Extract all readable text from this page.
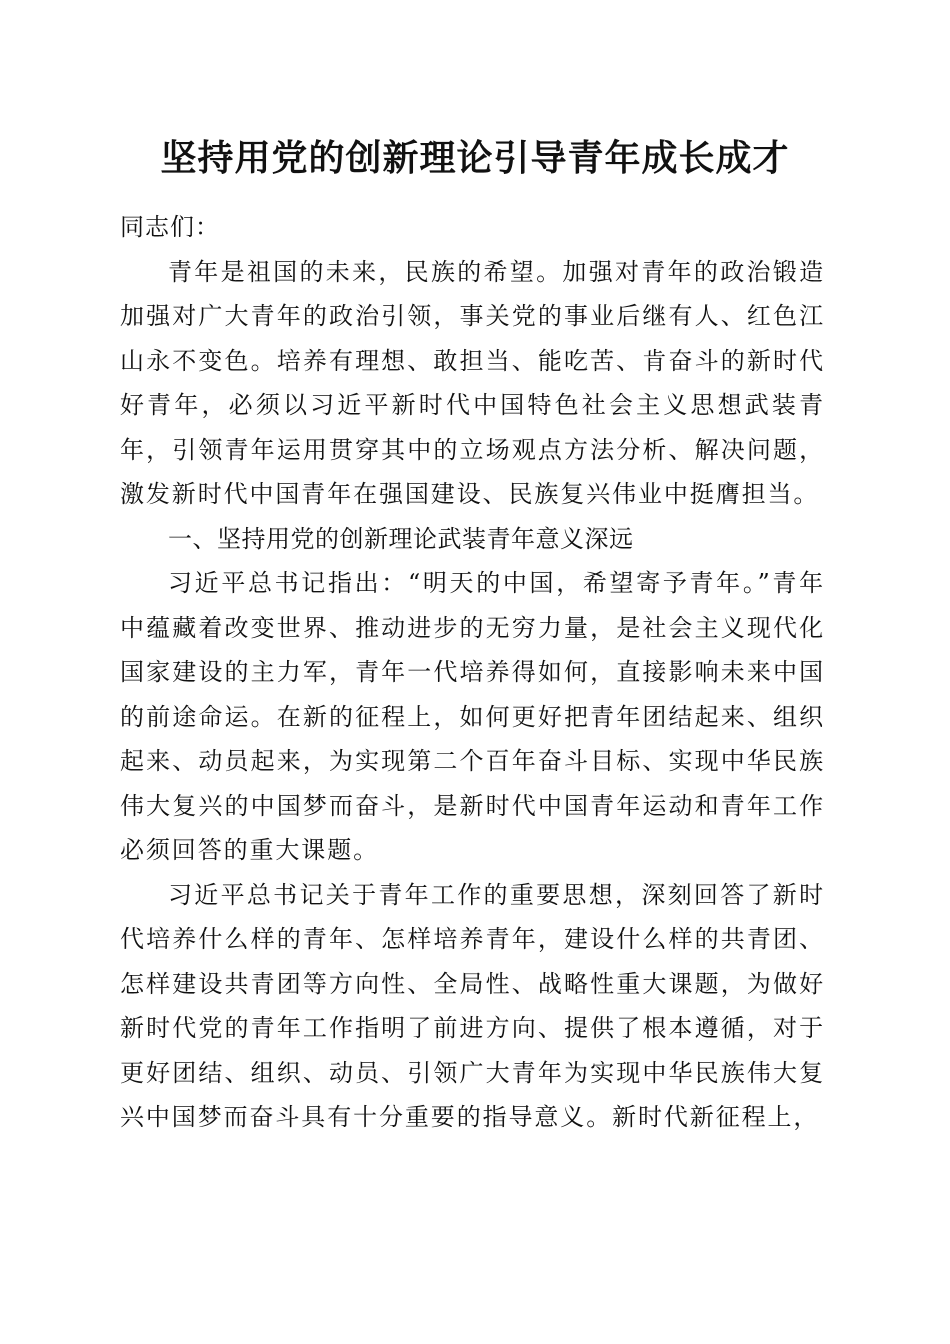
坚持用党的创新理论引导青年成长成才

同志们：

青年是祖国的未来，民族的希望。加强对青年的政治锻造加强对广大青年的政治引领，事关党的事业后继有人、红色江山永不变色。培养有理想、敢担当、能吃苦、肯奋斗的新时代好青年，必须以习近平新时代中国特色社会主义思想武装青年，引领青年运用贯穿其中的立场观点方法分析、解决问题，激发新时代中国青年在强国建设、民族复兴伟业中挺膺担当。

一、坚持用党的创新理论武装青年意义深远

习近平总书记指出：“明天的中国，希望寄予青年。”青年中蕴藏着改变世界、推动进步的无穷力量，是社会主义现代化国家建设的主力军，青年一代培养得如何，直接影响未来中国的前途命运。在新的征程上，如何更好把青年团结起来、组织起来、动员起来，为实现第二个百年奋斗目标、实现中华民族伟大复兴的中国梦而奋斗，是新时代中国青年运动和青年工作必须回答的重大课题。

习近平总书记关于青年工作的重要思想，深刻回答了新时代培养什么样的青年、怎样培养青年，建设什么样的共青团、怎样建设共青团等方向性、全局性、战略性重大课题，为做好新时代党的青年工作指明了前进方向、提供了根本遵循，对于更好团结、组织、动员、引领广大青年为实现中华民族伟大复兴中国梦而奋斗具有十分重要的指导意义。新时代新征程上，
